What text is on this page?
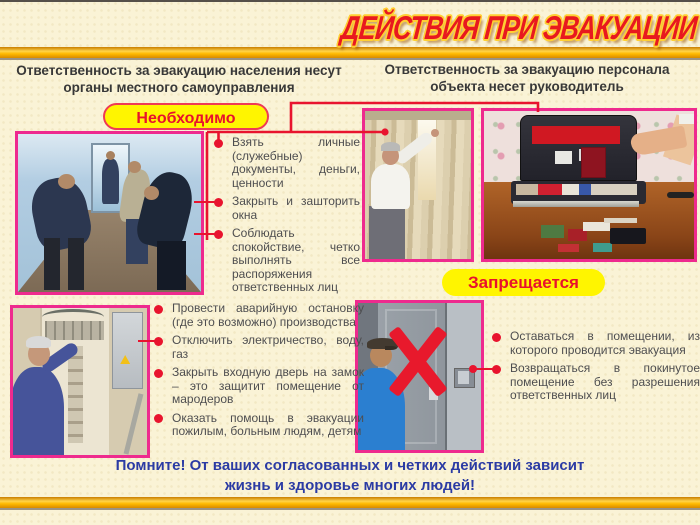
ДЕЙСТВИЯ ПРИ ЭВАКУАЦИИ
Ответственность за эвакуацию населения несут органы местного самоуправления
Ответственность за эвакуацию персонала объекта несет руководитель
Необходимо
Запрещается
Взять личные (служебные) документы, деньги, ценности
Закрыть и зашторить окна
Соблюдать спокойствие, четко выполнять все распоряжения ответственных лиц
Провести аварийную остановку (где это возможно) производства
Отключить электричество, воду, газ
Закрыть входную дверь на замок – это защитит помещение от мародеров
Оказать помощь в эвакуации пожилым, больным людям, детям
Оставаться в помещении, из которого проводится эвакуация
Возвращаться в покинутое помещение без разрешения ответственных лиц
Помните! От ваших согласованных и четких действий зависит
жизнь и здоровье многих людей!
